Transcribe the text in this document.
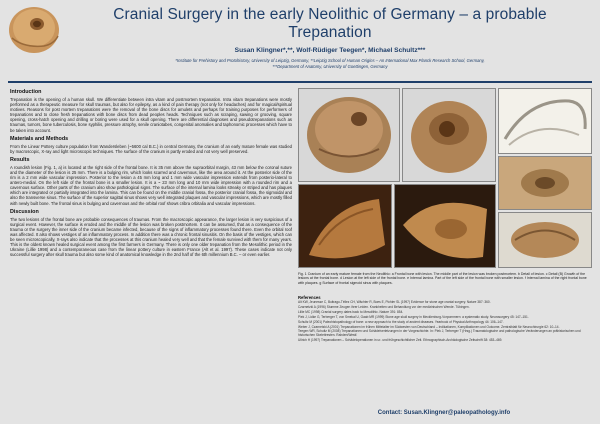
Cranial Surgery in the early Neolithic of Germany – a probable Trepanation
Susan Klingner*,**, Wolf-Rüdiger Teegen*, Michael Schultz***
*Institute for Prehistory and Protohistory, University of Leipzig, Germany, **Leipzig School of Human Origins – An International Max Planck Research School, Germany,
***Department of Anatomy, University of Goettingen, Germany
Introduction

Trepanation is the opening of a human skull. We differentiate between intra vitam and postmortem trepanation. Intra vitam trepanations were mostly performed as a therapeutic measure for skull traumas, but also for epilepsy, as a kind of pain therapy (not only for headaches) and for magical/spiritual motives. Reasons for post mortem trepanations were the removal of the bone discs for amulets and perhaps for training purposes for performers of trepanations and to close fresh trepanations with bone discs from dead peoples heads. Techniques such as scraping, sawing or grooving, square opening, cross-hatch opening and drilling or boring were used for a skull opening. There are differential diagnoses and pseudotrepanations such as traumas, tumors, bone tuberculosis, bone syphilis, pressure atrophy, senile craniotabes, congenital anomalies and taphonomic processes which have to be taken into account.

Materials and Methods

From the Linear Pottery culture population from Wandersleben (~5600 cal B.C.) in central Germany, the cranium of an early mature female was studied by macroscopic, X-ray and light microscopic techniques. The surface of the cranium is partly eroded and not very well preserved.

Results

A roundish lesion (Fig. 1, a) is located at the right side of the frontal bone. It is 35 mm above the supraorbital margin, 43 mm below the coronal suture and the diameter of the lesion is 25 mm. There is a bulging rim, which looks scarred and cavernous, like the area around it. At the posterior side of the rim is a 2 mm wide vascular impression. Posterior to the lesion a 45 mm long and 1 mm wide vascular impression extends from posterio-lateral to antero-medial. On the left side of the frontal bone is a smaller lesion. It is a ~ 23 mm long and 10 mm wide impression with a rounded rim and a cavernous surface. Other parts of the cranium also show pathological signs. The surface of the internal lamina looks streaky or striped and has plaques which are integrated or partially integrated into the lamina. This can be found on the middle cranial fossa, the posterior cranial fossa, the sigmoidal and also the transverse sinus. The surface of the superior sagittal sinus shows very well integrated plaques and vascular impressions, which are mostly filled with newly built bone. The frontal sinus is bulging and cavernous and the orbital roof shows cribra orbitalia and vascular impressions.

Discussion

The two lesions of the frontal bone are probable consequences of traumas. From the macroscopic appearance, the larger lesion is very suspicious of a surgical event. However, the surface is eroded and the middle of the lesion was broken postmortem. It can be assumed, that as a consequence of the trauma or the surgery the inner side of the cranium became infected, because of the signs of inflammatory processes found there. Even the orbital roof was affected. It also shows vestiges of an inflammatory process. In addition there was a chronic frontal sinusitis. On the basis of the vestiges, which can be seen microscopically, X-rays also indicate that the processes at this cranium healed very well and that the female survived with them for many years. This is the oldest known healed surgical event among the first farmers in Germany. There is only one older trepanation from the Mesolithic period in the Ukraine (Lillie 1998) and a contemporaneous case from the linear pottery culture in eastern France (Alt et al. 1997). These cases indicate not only successful surgery after skull trauma but also some kind of anatomical knowledge in the 2nd half of the 6th millennium B.C. – or even earlier.

Fig. 1 Cranium of an early mature female from the Neolithic: a Frontal bone with lesion. The middle part of the lesion was broken postmortem. b Detail of lesion. c Detail (B) Growth of the lesions at the frontal bone. d Lesion at the left side of the frontal bone. e Internal lamina. Part of the left side of the frontal bone with smaller lesion. f Internal lamina of the right frontal bone with plaques. g Surface of frontal sigmoid sinus with plaques.
References
Alt KW, Jeunesse C, Buitrago-Téllez CH, Wächter R, Boes E, Pichler SL (1997) Evidence for stone age cranial surgery. Nature 387: 360.
Czarnetzki A (1996) Stumme Zeugen ihrer Leiden. Krankheiten und Behandlung vor der medizinischen Wende. Tübingen.
Lillie MC (1998) Cranial surgery dates back to Mesolithic. Nature 391: 854.
Piek J, Lidke G, Terberger T, von Smekal U, Gaab MR (1999) Stone age skull surgery in Mecklenburg-Vorpommern: a systematic study. Neurosurgery 45: 147–151.
Schultz M (2001) Paleohistopathology of bone: a new approach to the study of ancient diseases. Yearbook of Physical Anthropology 44: 106–147.
Weber J, Czarnetzki A (2001) Trepanationen im frühen Mittelalter im Südwesten von Deutschland – Indikationen, Komplikationen und Outcome. Zentralblatt für Neurochirurgie 62: 10–14.
Teegen WR, Schultz M (2008) Trepanationen und Schädelverletzungen in der Vorgeschichte. In: Piek J, Terberger T (Hrsg.) Traumatologische und pathologische Veränderungen an prähistorischen und historischen Skelettresten. Rahden/Westf.
Ullrich H (1997) Trepanationen – Schädeloperationen in ur- und frühgeschichtlicher Zeit. Ethnographisch-Archäologische Zeitschrift 38: 453–469.
Contact: Susan.Klingner@paleopathology.info
